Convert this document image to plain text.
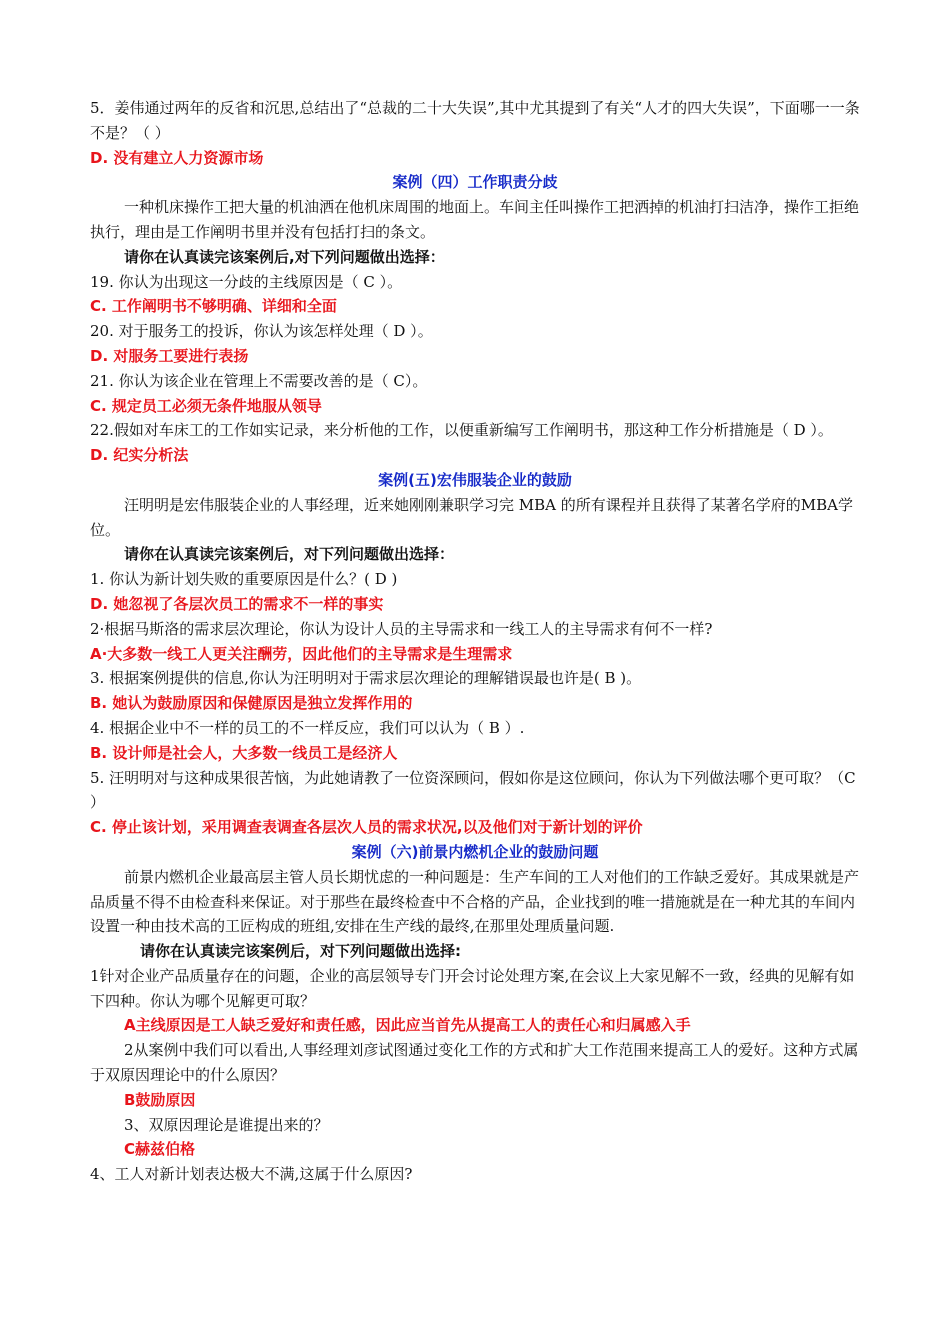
5．姜伟通过两年的反省和沉思,总结出了“总裁的二十大失误”,其中尤其提到了有关“人才的四大失误”，下面哪一一条不是？（ ）
D. 没有建立人力资源市场
案例（四）工作职责分歧
一种机床操作工把大量的机油洒在他机床周围的地面上。车间主任叫操作工把洒掉的机油打扫洁净，操作工拒绝执行，理由是工作阐明书里并没有包括打扫的条文。
请你在认真读完该案例后,对下列问题做出选择：
19. 你认为出现这一分歧的主线原因是（ C ）。
C. 工作阐明书不够明确、详细和全面
20. 对于服务工的投诉，你认为该怎样处理（ D ）。
D. 对服务工要进行表扬
21. 你认为该企业在管理上不需要改善的是（ C）。
C. 规定员工必须无条件地服从领导
22.假如对车床工的工作如实记录，来分析他的工作，以便重新编写工作阐明书，那这种工作分析措施是（ D ）。
D. 纪实分析法
案例(五)宏伟服装企业的鼓励
汪明明是宏伟服装企业的人事经理，近来她刚刚兼职学习完 MBA 的所有课程并且获得了某著名学府的MBA学位。
请你在认真读完该案例后，对下列问题做出选择：
1. 你认为新计划失败的重要原因是什么？( D )
D. 她忽视了各层次员工的需求不一样的事实
2·根据马斯洛的需求层次理论，你认为设计人员的主导需求和一线工人的主导需求有何不一样?
A·大多数一线工人更关注酬劳，因此他们的主导需求是生理需求
3. 根据案例提供的信息,你认为汪明明对于需求层次理论的理解错误最也许是( B )。
B. 她认为鼓励原因和保健原因是独立发挥作用的
4. 根据企业中不一样的员工的不一样反应，我们可以认为（ B ）.
B. 设计师是社会人，大多数一线员工是经济人
5. 汪明明对与这种成果很苦恼，为此她请教了一位资深顾问，假如你是这位顾问，你认为下列做法哪个更可取？（C ）
C. 停止该计划，采用调查表调查各层次人员的需求状况,以及他们对于新计划的评价
案例（六)前景内燃机企业的鼓励问题
前景内燃机企业最高层主管人员长期忧虑的一种问题是：生产车间的工人对他们的工作缺乏爱好。其成果就是产品质量不得不由检查科来保证。对于那些在最终检查中不合格的产品，企业找到的唯一措施就是在一种尤其的车间内设置一种由技术高的工匠构成的班组,安排在生产线的最终,在那里处理质量问题.
请你在认真读完该案例后，对下列问题做出选择:
1针对企业产品质量存在的问题，企业的高层领导专门开会讨论处理方案,在会议上大家见解不一致，经典的见解有如下四种。你认为哪个见解更可取？
A主线原因是工人缺乏爱好和责任感，因此应当首先从提高工人的责任心和归属感入手
2从案例中我们可以看出,人事经理刘彦试图通过变化工作的方式和扩大工作范围来提高工人的爱好。这种方式属于双原因理论中的什么原因？
B鼓励原因
3、双原因理论是谁提出来的？
C赫兹伯格
4、工人对新计划表达极大不满,这属于什么原因?
